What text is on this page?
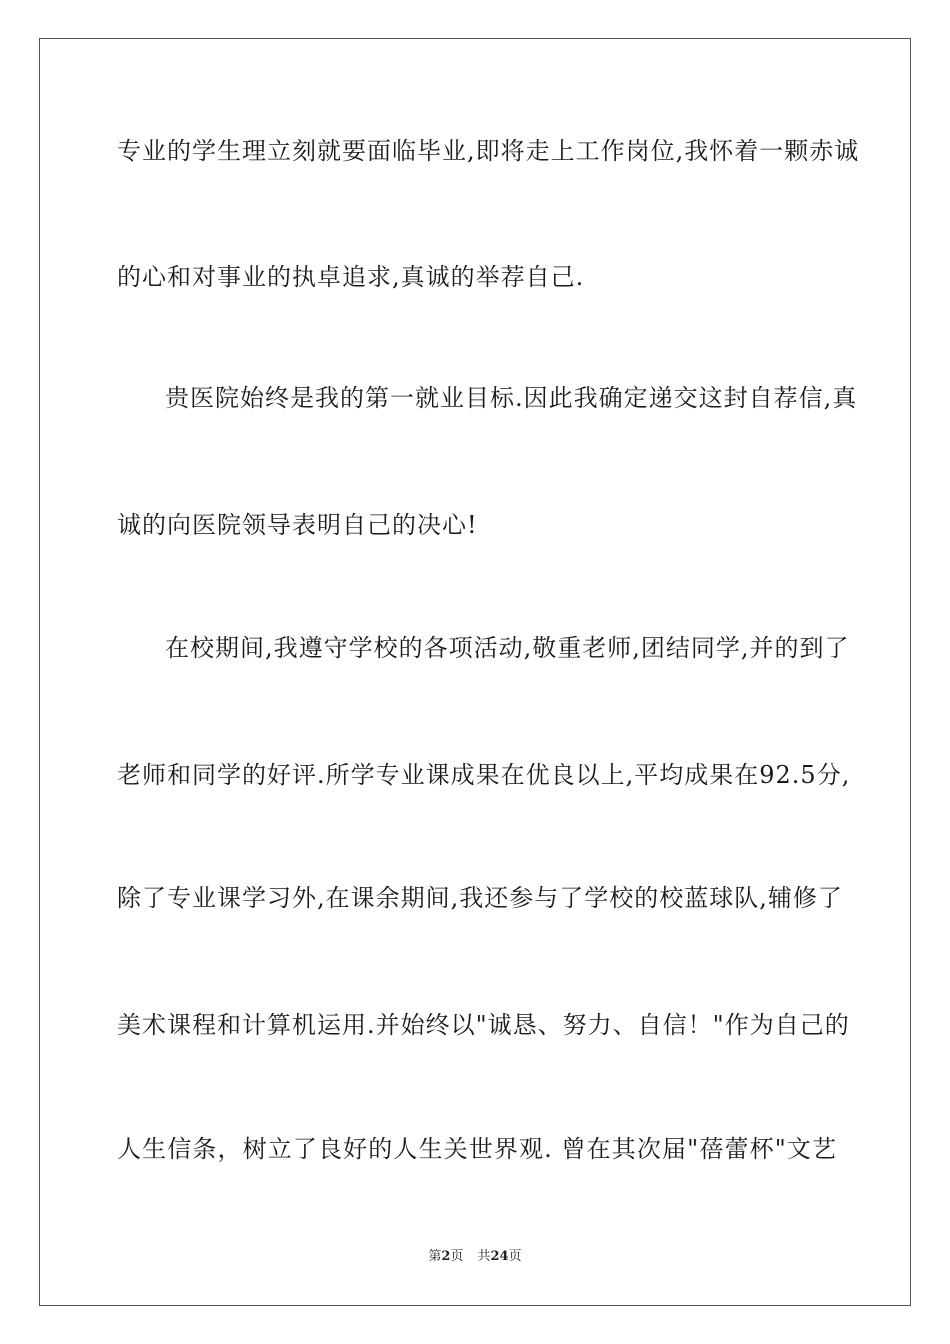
专业的学生理立刻就要面临毕业,即将走上工作岗位,我怀着一颗赤诚
的心和对事业的执卓追求,真诚的举荐自己.
贵医院始终是我的第一就业目标.因此我确定递交这封自荐信,真
诚的向医院领导表明自己的决心!
在校期间,我遵守学校的各项活动,敬重老师,团结同学,并的到了
老师和同学的好评.所学专业课成果在优良以上,平均成果在92.5分,
除了专业课学习外,在课余期间,我还参与了学校的校蓝球队,辅修了
美术课程和计算机运用.并始终以"诚恳、努力、自信！"作为自己的
人生信条，树立了良好的人生关世界观. 曾在其次届"蓓蕾杯"文艺
第2页 共24页
